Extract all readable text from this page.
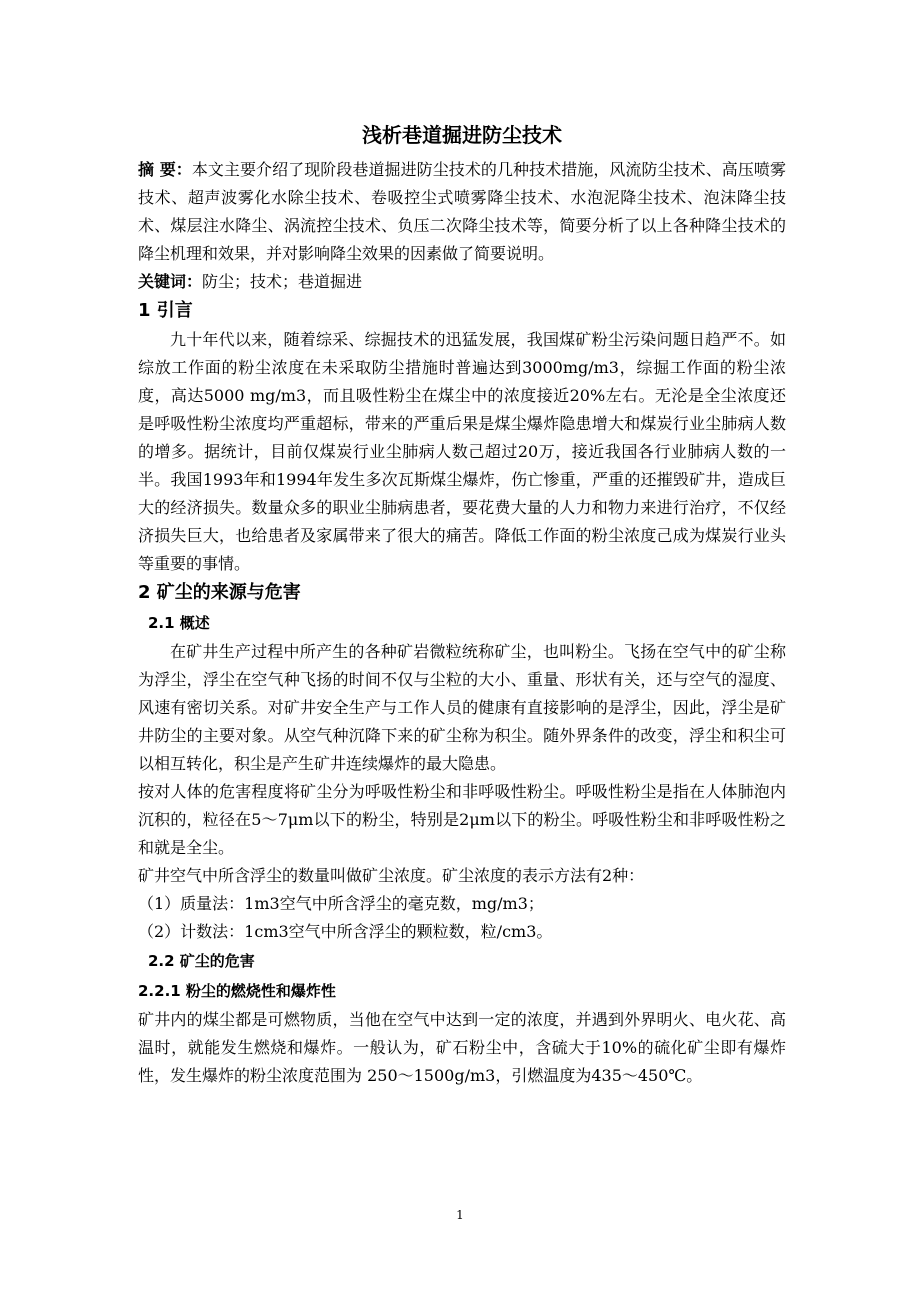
浅析巷道掘进防尘技术

摘 要：本文主要介绍了现阶段巷道掘进防尘技术的几种技术措施，风流防尘技术、高压喷雾技术、超声波雾化水除尘技术、卷吸控尘式喷雾降尘技术、水泡泥降尘技术、泡沫降尘技术、煤层注水降尘、涡流控尘技术、负压二次降尘技术等，简要分析了以上各种降尘技术的降尘机理和效果，并对影响降尘效果的因素做了简要说明。

关键词：防尘；技术；巷道掘进

1 引言

九十年代以来，随着综采、综掘技术的迅猛发展，我国煤矿粉尘污染问题日趋严不。如综放工作面的粉尘浓度在未采取防尘措施时普遍达到3000mg/m3，综掘工作面的粉尘浓度，高达5000 mg/m3，而且吸性粉尘在煤尘中的浓度接近20%左右。无沦是全尘浓度还是呼吸性粉尘浓度均严重超标，带来的严重后果是煤尘爆炸隐患增大和煤炭行业尘肺病人数的增多。据统计，目前仅煤炭行业尘肺病人数己超过20万，接近我国各行业肺病人数的一半。我国1993年和1994年发生多次瓦斯煤尘爆炸，伤亡惨重，严重的还摧毁矿井，造成巨大的经济损失。数量众多的职业尘肺病患者，要花费大量的人力和物力来进行治疗，不仅经济损失巨大，也给患者及家属带来了很大的痛苦。降低工作面的粉尘浓度己成为煤炭行业头等重要的事情。

2 矿尘的来源与危害
2.1 概述

在矿井生产过程中所产生的各种矿岩微粒统称矿尘，也叫粉尘。飞扬在空气中的矿尘称为浮尘，浮尘在空气种飞扬的时间不仅与尘粒的大小、重量、形状有关，还与空气的湿度、风速有密切关系。对矿井安全生产与工作人员的健康有直接影响的是浮尘，因此，浮尘是矿井防尘的主要对象。从空气种沉降下来的矿尘称为积尘。随外界条件的改变，浮尘和积尘可以相互转化，积尘是产生矿井连续爆炸的最大隐患。

按对人体的危害程度将矿尘分为呼吸性粉尘和非呼吸性粉尘。呼吸性粉尘是指在人体肺泡内沉积的，粒径在5～7μm以下的粉尘，特别是2μm以下的粉尘。呼吸性粉尘和非呼吸性粉之和就是全尘。

矿井空气中所含浮尘的数量叫做矿尘浓度。矿尘浓度的表示方法有2种：

（1）质量法：1m3空气中所含浮尘的毫克数，mg/m3；

（2）计数法：1cm3空气中所含浮尘的颗粒数，粒/cm3。

2.2 矿尘的危害
2.2.1 粉尘的燃烧性和爆炸性

矿井内的煤尘都是可燃物质，当他在空气中达到一定的浓度，并遇到外界明火、电火花、高温时，就能发生燃烧和爆炸。一般认为，矿石粉尘中，含硫大于10%的硫化矿尘即有爆炸性，发生爆炸的粉尘浓度范围为 250～1500g/m3，引燃温度为435～450℃。

1
